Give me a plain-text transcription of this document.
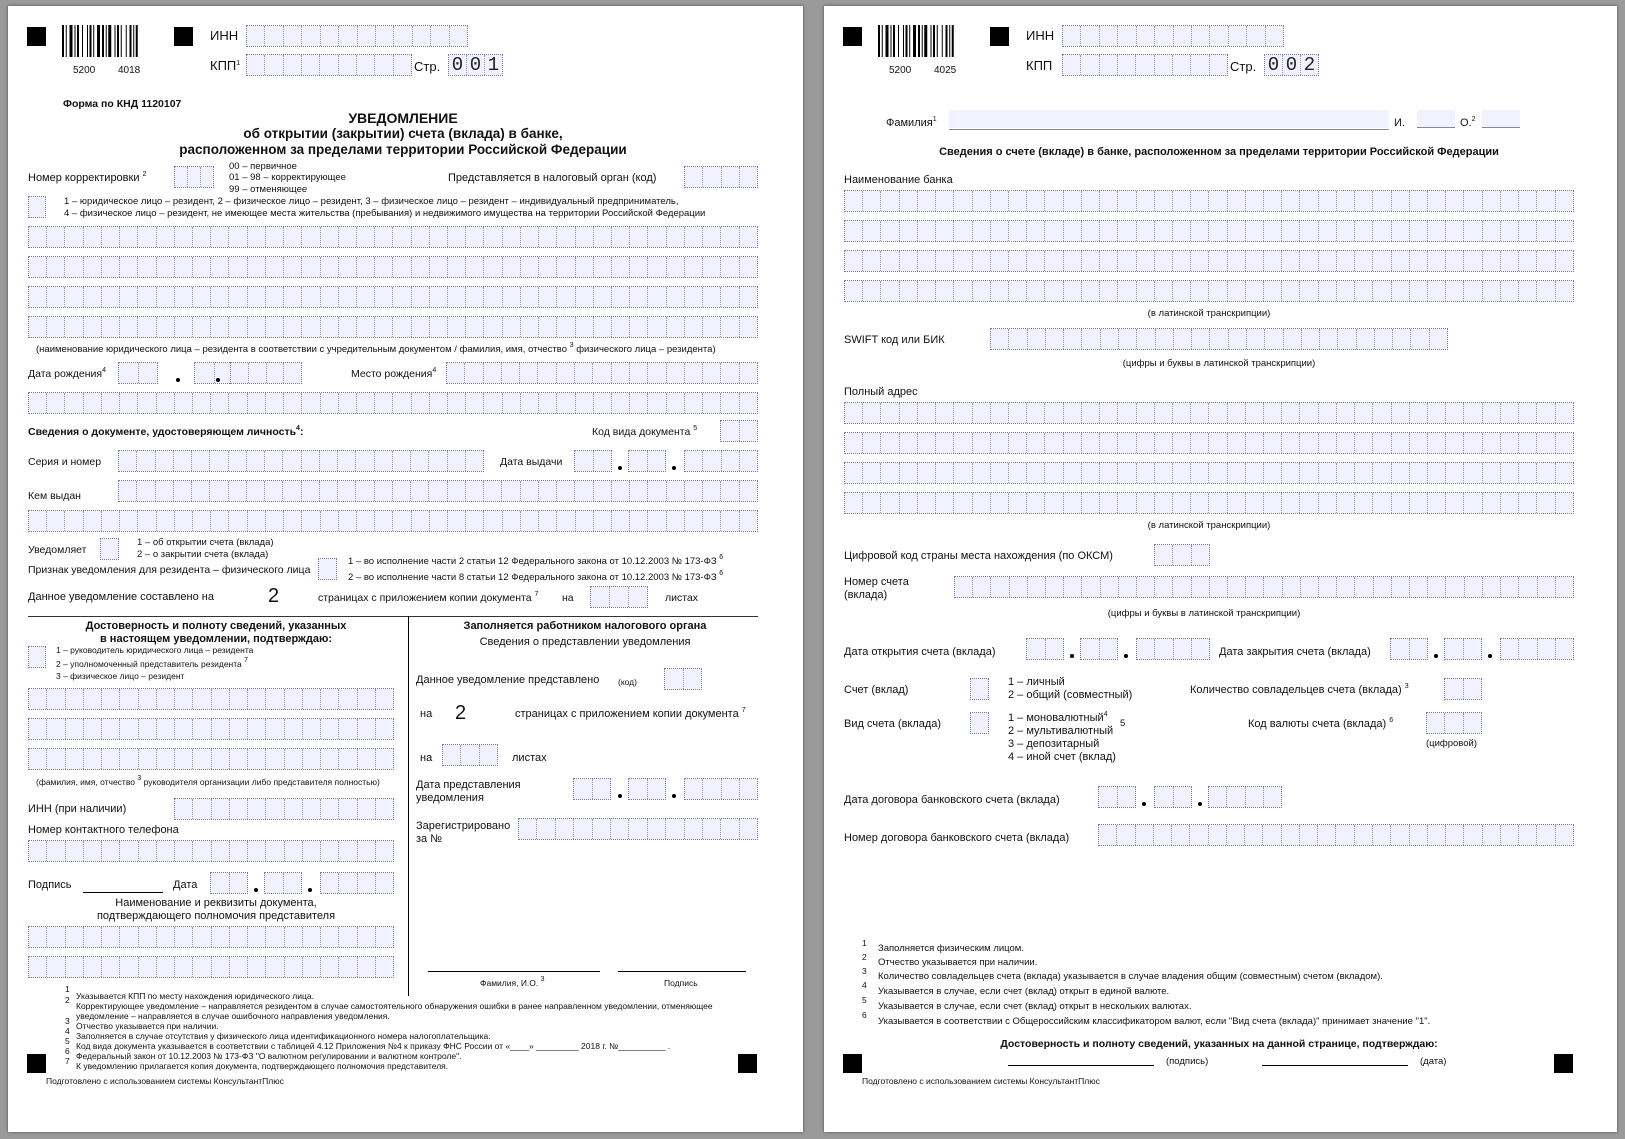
5200 4018
ИНН
КПП$^1$	Стр. 0 0 1
Форма по КНД 1120107
УВЕДОМЛЕНИЕ
об открытии (закрытии) счета (вклада) в банке,
расположенном за пределами территории Российской Федерации
Номер корректировки $^2$
00 – первичное
01 – 98 – корректирующее
99 – отменяющее
Представляется в налоговый орган (код)
1 – юридическое лицо – резидент, 2 – физическое лицо – резидент, 3 – физическое лицо – резидент – индивидуальный предприниматель,
4 – физическое лицо – резидент, не имеющее места жительства (пребывания) и недвижимого имущества на территории Российской Федерации
(наименование юридического лица – резидента в соответствии с учредительным документом / фамилия, имя, отчество $^3$ физического лица – резидента)
Дата рождения$^4$	Место рождения$^4$
Сведения о документе, удостоверяющем личность$^4$:	Код вида документа $^5$
Серия и номер	Дата выдачи
Кем выдан
Уведомляет
1 – об открытии счета (вклада)
2 – о закрытии счета (вклада)
Признак уведомления для резидента – физического лица
1 – во исполнение части 2 статьи 12 Федерального закона от 10.12.2003 № 173-ФЗ $^6$
2 – во исполнение части 8 статьи 12 Федерального закона от 10.12.2003 № 173-ФЗ $^6$
Данное уведомление составлено на	2	страницах с приложением копии документа $^7$ на	листах
Достоверность и полноту сведений, указанных
в настоящем уведомлении, подтверждаю:
1 – руководитель юридического лица – резидента
2 – уполномоченный представитель резидента $^7$
3 – физическое лицо – резидент
(фамилия, имя, отчество $^3$ руководителя организации либо представителя полностью)
ИНН (при наличии)
Номер контактного телефона
Подпись	Дата
Наименование и реквизиты документа,
подтверждающего полномочия представителя
Заполняется работником налогового органа
Сведения о представлении уведомления
Данное уведомление представлено (код)
на 2	страницах с приложением копии документа $^7$
на	листах
Дата представления
уведомления
Зарегистрировано
за №
Фамилия, И.О. $^3$	Подпись
1
Указывается КПП по месту нахождения юридического лица.
2
Корректирующее уведомление – направляется резидентом в случае самостоятельного обнаружения ошибки в ранее направленном уведомлении, отменяющее
уведомление – направляется в случае ошибочного направления уведомления.
3 Отчество указывается при наличии.
4 Заполняется в случае отсутствия у физического лица идентификационного номера налогоплательщика.
5 Код вида документа указывается в соответствии с таблицей 4.12 Приложения №4 к приказу ФНС России от «____» _________ 2018 г. №__________ .
6 Федеральный закон от 10.12.2003 № 173-ФЗ "О валютном регулировании и валютном контроле".
7 К уведомлению прилагается копия документа, подтверждающего полномочия представителя.
Подготовлено с использованием системы КонсультантПлюс
5200 4025
ИНН
КПП	Стр. 0 0 2
Фамилия$^1$	И.	О.$^2$
Сведения о счете (вкладе) в банке, расположенном за пределами территории Российской Федерации
Наименование банка
(в латинской транскрипции)
SWIFT код или БИК
(цифры и буквы в латинской транскрипции)
Полный адрес
(в латинской транскрипции)
Цифровой код страны места нахождения (по ОКСМ)
Номер счета
(вклада)
(цифры и буквы в латинской транскрипции)
Дата открытия счета (вклада)	Дата закрытия счета (вклада)
Счет (вклад)
1 – личный
2 – общий (совместный)	Количество совладельцев счета (вклада) $^3$
Вид счета (вклада)	1 – моновалютный$^4$
5
2 – мультивалютный
3 – депозитарный
4 – иной счет (вклад)
Код валюты счета (вклада) $^6$
(цифровой)
Дата договора банковского счета (вклада)
Номер договора банковского счета (вклада)
1 Заполняется физическим лицом.
2 Отчество указывается при наличии.
3 Количество совладельцев счета (вклада) указывается в случае владения общим (совместным) счетом (вкладом).
4
Указывается в случае, если счет (вклад) открыт в единой валюте.
5
Указывается в случае, если счет (вклад) открыт в нескольких валютах.
6
Указывается в соответствии с Общероссийским классификатором валют, если "Вид счета (вклада)" принимает значение "1".
Достоверность и полноту сведений, указанных на данной странице, подтверждаю:
(подпись)	(дата)
Подготовлено с использованием системы КонсультантПлюс
